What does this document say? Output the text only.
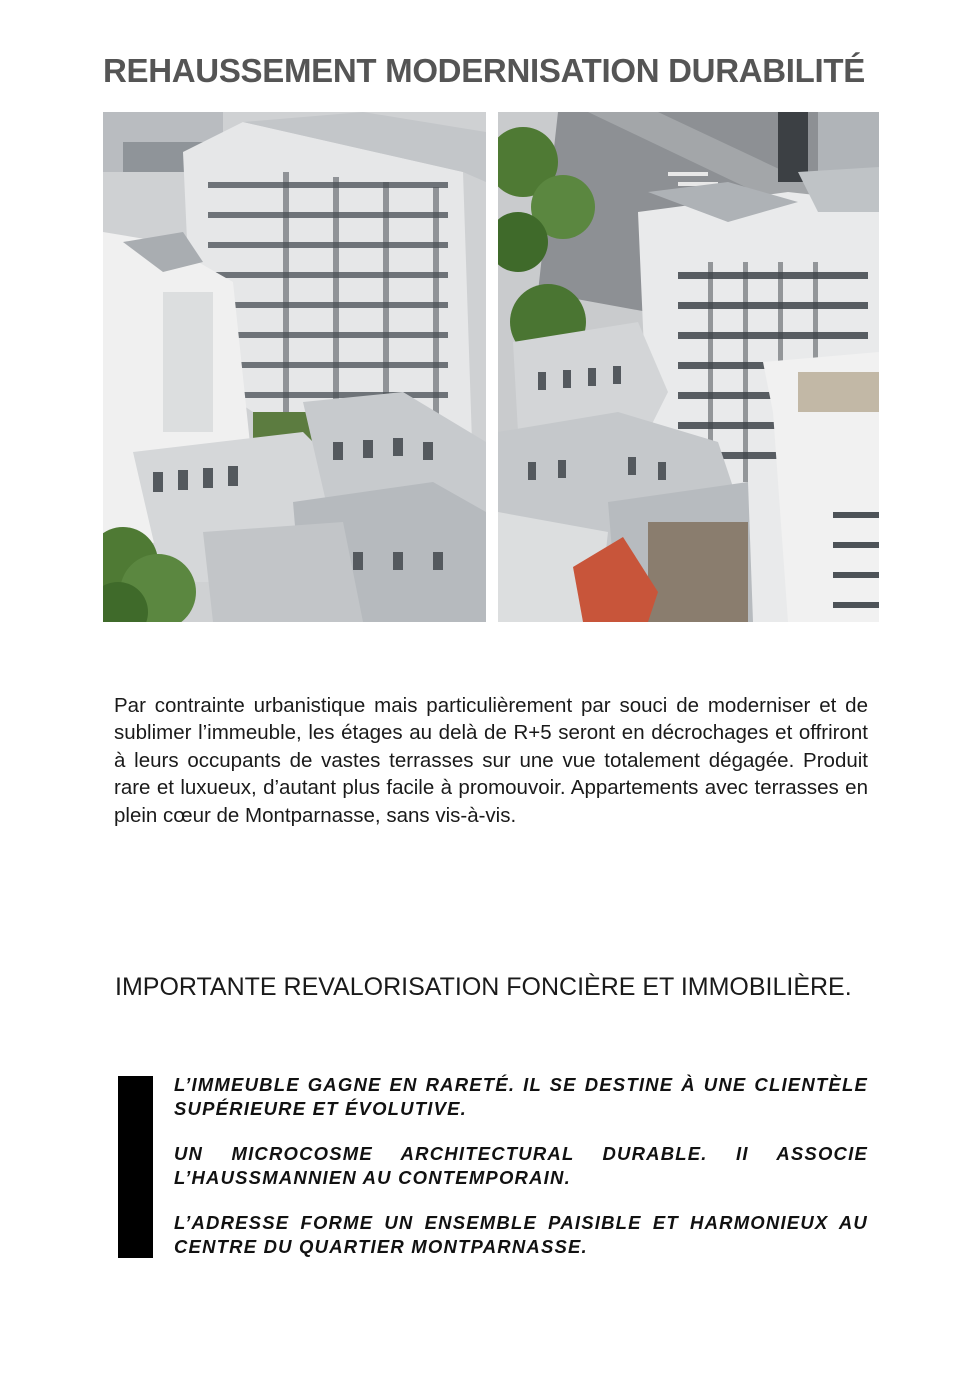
REHAUSSEMENT MODERNISATION DURABILITÉ
Par contrainte urbanistique mais particulièrement par souci de moderniser et de sublimer l’immeuble, les étages au delà de R+5 seront en décrochages et offriront à leurs occupants de vastes terrasses sur une vue totalement dégagée. Produit rare et luxueux, d’autant plus facile à promouvoir. Appartements avec terrasses en plein cœur de Montparnasse, sans vis-à-vis.
IMPORTANTE REVALORISATION FONCIÈRE ET IMMOBILIÈRE.

L’IMMEUBLE GAGNE EN RARETÉ. IL SE DESTINE À UNE CLIENTÈLE SUPÉRIEURE ET ÉVOLUTIVE.

UN MICROCOSME ARCHITECTURAL DURABLE. II ASSOCIE L’HAUSSMANNIEN AU CONTEMPORAIN.

L’ADRESSE FORME UN ENSEMBLE PAISIBLE ET HARMONIEUX AU CENTRE DU QUARTIER MONTPARNASSE.
